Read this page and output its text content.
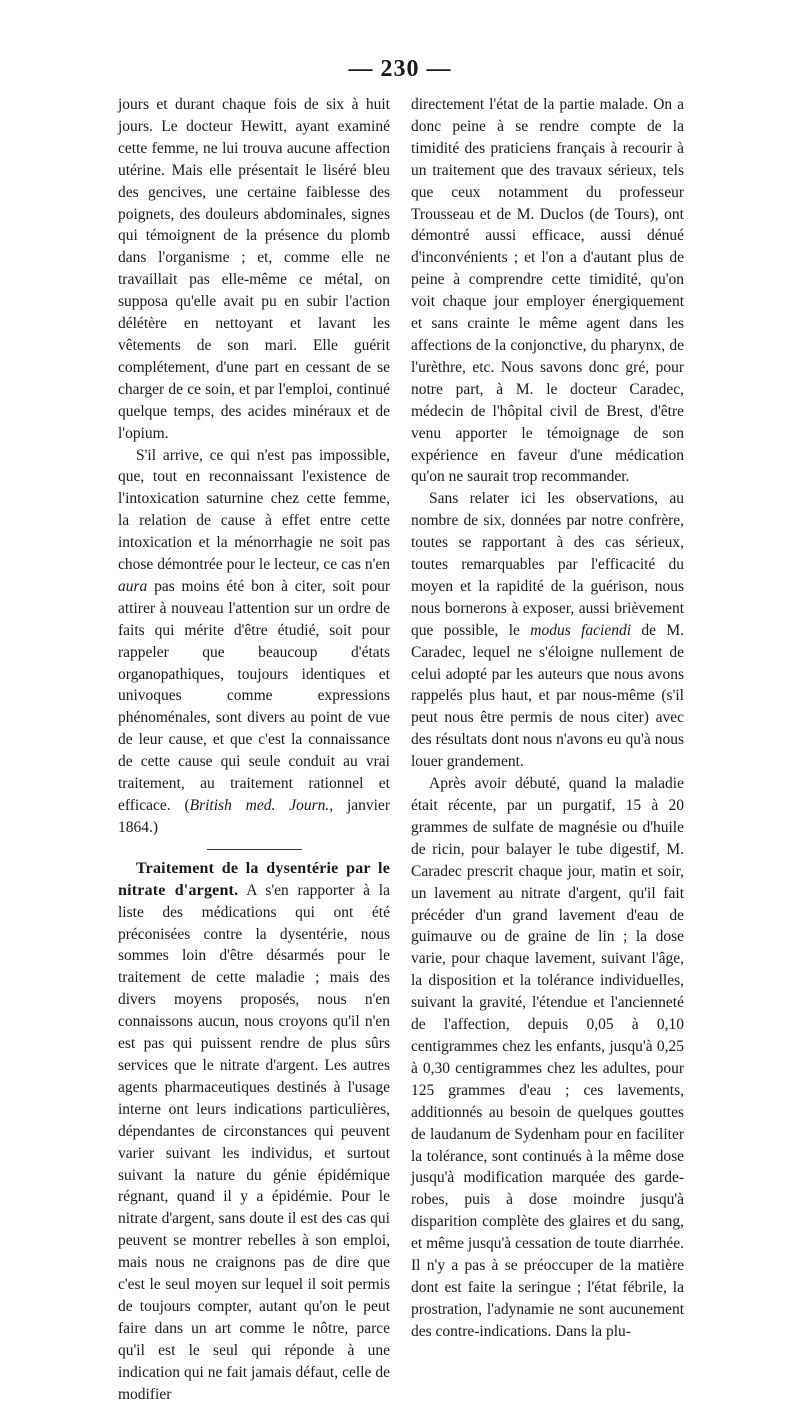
— 230 —

jours et durant chaque fois de six à huit jours. Le docteur Hewitt, ayant examiné cette femme, ne lui trouva aucune affection utérine. Mais elle présentait le liséré bleu des gencives, une certaine faiblesse des poignets, des douleurs abdominales, signes qui témoignent de la présence du plomb dans l'organisme ; et, comme elle ne travaillait pas elle-même ce métal, on supposa qu'elle avait pu en subir l'action délétère en nettoyant et lavant les vêtements de son mari. Elle guérit complétement, d'une part en cessant de se charger de ce soin, et par l'emploi, continué quelque temps, des acides minéraux et de l'opium.

S'il arrive, ce qui n'est pas impossible, que, tout en reconnaissant l'existence de l'intoxication saturnine chez cette femme, la relation de cause à effet entre cette intoxication et la ménorrhagie ne soit pas chose démontrée pour le lecteur, ce cas n'en aura pas moins été bon à citer, soit pour attirer à nouveau l'attention sur un ordre de faits qui mérite d'être étudié, soit pour rappeler que beaucoup d'états organopathiques, toujours identiques et univoques comme expressions phénoménales, sont divers au point de vue de leur cause, et que c'est la connaissance de cette cause qui seule conduit au vrai traitement, au traitement rationnel et efficace. (British med. Journ., janvier 1864.)

Traitement de la dysentérie par le nitrate d'argent. A s'en rapporter à la liste des médications qui ont été préconisées contre la dysentérie, nous sommes loin d'être désarmés pour le traitement de cette maladie ; mais des divers moyens proposés, nous n'en connaissons aucun, nous croyons qu'il n'en est pas qui puissent rendre de plus sûrs services que le nitrate d'argent. Les autres agents pharmaceutiques destinés à l'usage interne ont leurs indications particulières, dépendantes de circonstances qui peuvent varier suivant les individus, et surtout suivant la nature du génie épidémique régnant, quand il y a épidémie. Pour le nitrate d'argent, sans doute il est des cas qui peuvent se montrer rebelles à son emploi, mais nous ne craignons pas de dire que c'est le seul moyen sur lequel il soit permis de toujours compter, autant qu'on le peut faire dans un art comme le nôtre, parce qu'il est le seul qui réponde à une indication qui ne fait jamais défaut, celle de modifier

directement l'état de la partie malade. On a donc peine à se rendre compte de la timidité des praticiens français à recourir à un traitement que des travaux sérieux, tels que ceux notamment du professeur Trousseau et de M. Duclos (de Tours), ont démontré aussi efficace, aussi dénué d'inconvénients ; et l'on a d'autant plus de peine à comprendre cette timidité, qu'on voit chaque jour employer énergiquement et sans crainte le même agent dans les affections de la conjonctive, du pharynx, de l'urèthre, etc. Nous savons donc gré, pour notre part, à M. le docteur Caradec, médecin de l'hôpital civil de Brest, d'être venu apporter le témoignage de son expérience en faveur d'une médication qu'on ne saurait trop recommander.

Sans relater ici les observations, au nombre de six, données par notre confrère, toutes se rapportant à des cas sérieux, toutes remarquables par l'efficacité du moyen et la rapidité de la guérison, nous nous bornerons à exposer, aussi brièvement que possible, le modus faciendi de M. Caradec, lequel ne s'éloigne nullement de celui adopté par les auteurs que nous avons rappelés plus haut, et par nous-même (s'il peut nous être permis de nous citer) avec des résultats dont nous n'avons eu qu'à nous louer grandement.

Après avoir débuté, quand la maladie était récente, par un purgatif, 15 à 20 grammes de sulfate de magnésie ou d'huile de ricin, pour balayer le tube digestif, M. Caradec prescrit chaque jour, matin et soir, un lavement au nitrate d'argent, qu'il fait précéder d'un grand lavement d'eau de guimauve ou de graine de lin ; la dose varie, pour chaque lavement, suivant l'âge, la disposition et la tolérance individuelles, suivant la gravité, l'étendue et l'ancienneté de l'affection, depuis 0,05 à 0,10 centigrammes chez les enfants, jusqu'à 0,25 à 0,30 centigrammes chez les adultes, pour 125 grammes d'eau ; ces lavements, additionnés au besoin de quelques gouttes de laudanum de Sydenham pour en faciliter la tolérance, sont continués à la même dose jusqu'à modification marquée des garde-robes, puis à dose moindre jusqu'à disparition complète des glaires et du sang, et même jusqu'à cessation de toute diarrhée. Il n'y a pas à se préoccuper de la matière dont est faite la seringue ; l'état fébrile, la prostration, l'adynamie ne sont aucunement des contre-indications. Dans la plu-
